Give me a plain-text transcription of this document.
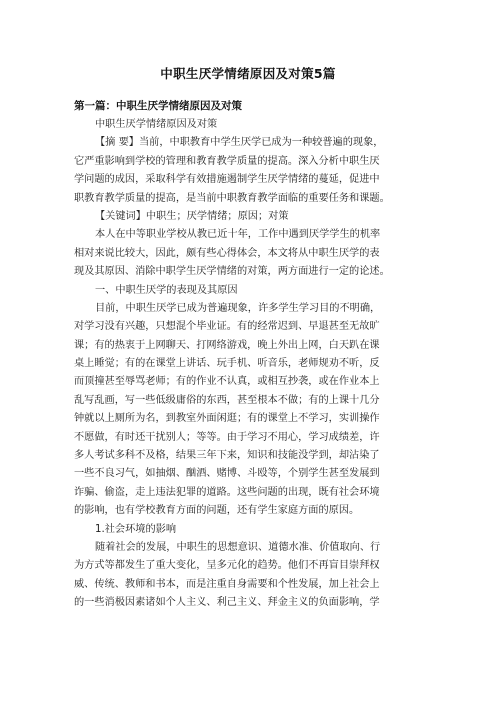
中职生厌学情绪原因及对策5篇
第一篇：中职生厌学情绪原因及对策
中职生厌学情绪原因及对策
【摘 要】当前，中职教育中学生厌学已成为一种较普遍的现象，
它严重影响到学校的管理和教育教学质量的提高。深入分析中职生厌
学问题的成因，采取科学有效措施遏制学生厌学情绪的蔓延，促进中
职教育教学质量的提高，是当前中职教育教学面临的重要任务和课题。
【关键词】中职生；厌学情绪；原因；对策
本人在中等职业学校从教已近十年，工作中遇到厌学学生的机率
相对来说比较大，因此，颇有些心得体会，本文将从中职生厌学的表
现及其原因、消除中职学生厌学情绪的对策，两方面进行一定的论述。
一、中职生厌学的表现及其原因
目前，中职生厌学已成为普遍现象，许多学生学习目的不明确，
对学习没有兴趣，只想混个毕业证。有的经常迟到、早退甚至无故旷
课；有的热衷于上网聊天、打网络游戏，晚上外出上网，白天趴在课
桌上睡觉；有的在课堂上讲话、玩手机、听音乐，老师规劝不听，反
而顶撞甚至辱骂老师；有的作业不认真，或相互抄袭，或在作业本上
乱写乱画，写一些低级庸俗的东西，甚至根本不做；有的上课十几分
钟就以上厕所为名，到教室外面闲逛；有的课堂上不学习，实训操作
不愿做，有时还干扰别人；等等。由于学习不用心，学习成绩差，许
多人考试多科不及格，结果三年下来，知识和技能没学到，却沾染了
一些不良习气，如抽烟、酗酒、赌博、斗殴等，个别学生甚至发展到
诈骗、偷盗，走上违法犯罪的道路。这些问题的出现，既有社会环境
的影响，也有学校教育方面的问题，还有学生家庭方面的原因。
1.社会环境的影响
随着社会的发展，中职生的思想意识、道德水准、价值取向、行
为方式等都发生了重大变化，呈多元化的趋势。他们不再盲目崇拜权
威、传统、教师和书本，而是注重自身需要和个性发展，加上社会上
的一些消极因素诸如个人主义、利己主义、拜金主义的负面影响，学
